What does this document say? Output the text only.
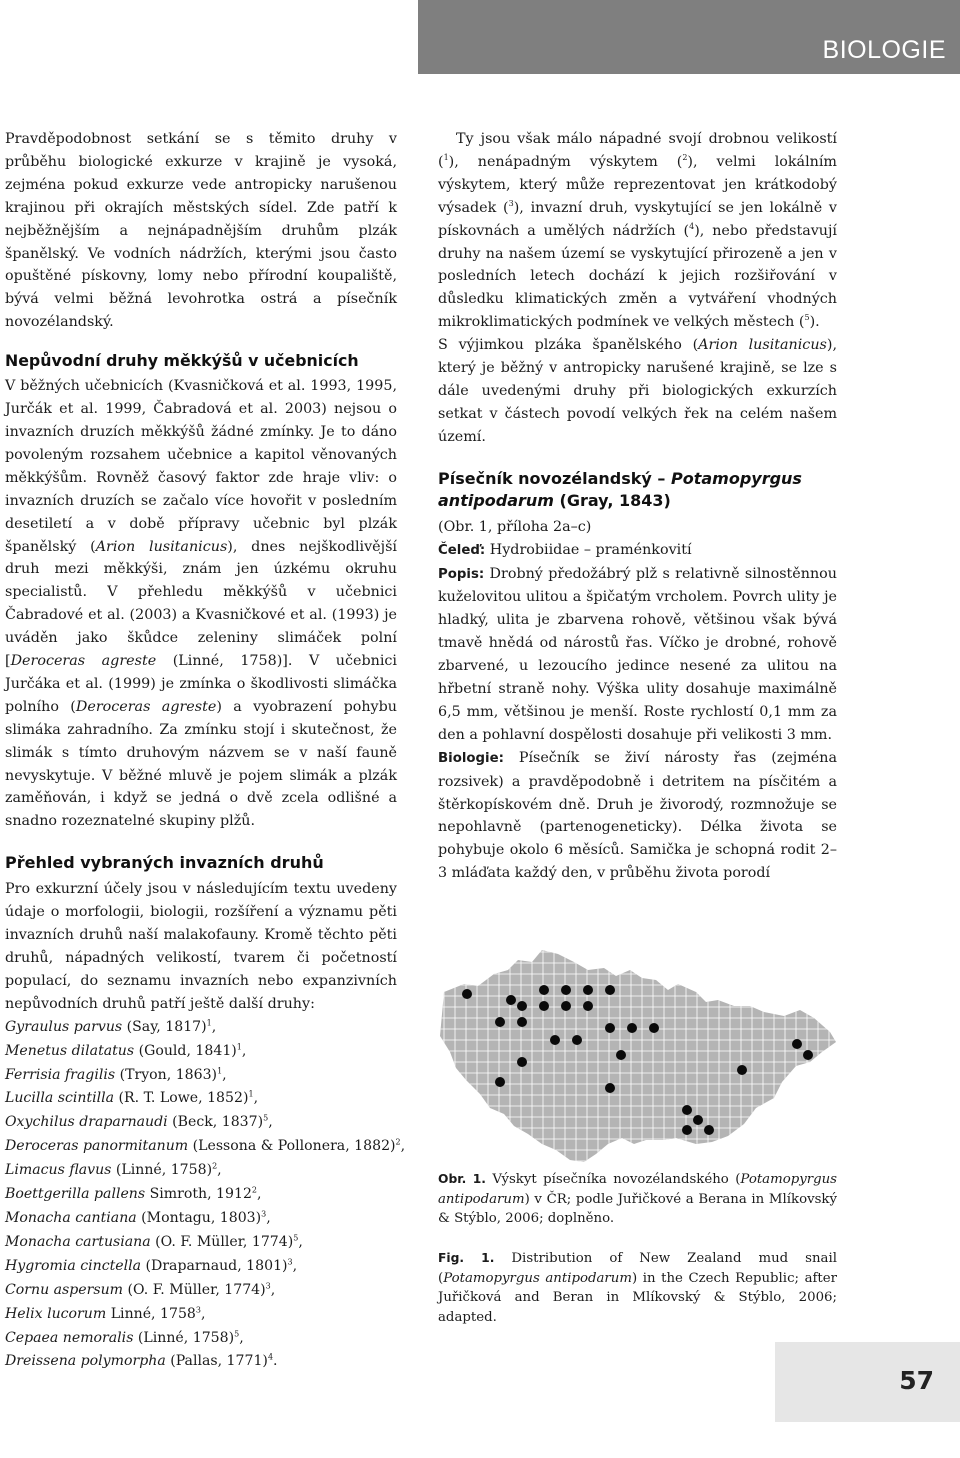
BIOLOGIE

Pravděpodobnost setkání se s těmito druhy v průběhu biologické exkurze v krajině je vysoká, zejména pokud exkurze vede antropicky narušenou krajinou při okrajích městských sídel. Zde patří k nejběžnějším a nejnápadnějším druhům plzák španělský. Ve vodních nádržích, kterými jsou často opuštěné pískovny, lomy nebo přírodní koupaliště, bývá velmi běžná levohrotka ostrá a písečník novozélandský.

Nepůvodní druhy měkkýšů v učebnicích

V běžných učebnicích (Kvasničková et al. 1993, 1995, Jurčák et al. 1999, Čabradová et al. 2003) nejsou o invazních druzích měkkýšů žádné zmínky. Je to dáno povoleným rozsahem učebnice a kapitol věnovaných měkkýšům. Rovněž časový faktor zde hraje vliv: o invazních druzích se začalo více hovořit v posledním desetiletí a v době přípravy učebnic byl plzák španělský (Arion lusitanicus), dnes nejškodlivější druh mezi měkkýši, znám jen úzkému okruhu specialistů. V přehledu měkkýšů v učebnici Čabradové et al. (2003) a Kvasničkové et al. (1993) je uváděn jako škůdce zeleniny slimáček polní [Deroceras agreste (Linné, 1758)]. V učebnici Jurčáka et al. (1999) je zmínka o škodlivosti slimáčka polního (Deroceras agreste) a vyobrazení pohybu slimáka zahradního. Za zmínku stojí i skutečnost, že slimák s tímto druhovým názvem se v naší fauně nevyskytuje. V běžné mluvě je pojem slimák a plzák zaměňován, i když se jedná o dvě zcela odlišné a snadno rozeznatelné skupiny plžů.

Přehled vybraných invazních druhů

Pro exkurzní účely jsou v následujícím textu uvedeny údaje o morfologii, biologii, rozšíření a významu pěti invazních druhů naší malakofauny. Kromě těchto pěti druhů, nápadných velikostí, tvarem či početností populací, do seznamu invazních nebo expanzivních nepůvodních druhů patří ještě další druhy:

Gyraulus parvus (Say, 1817)$^1$,
Menetus dilatatus (Gould, 1841)$^1$,
Ferrisia fragilis (Tryon, 1863)$^1$,
Lucilla scintilla (R. T. Lowe, 1852)$^1$,
Oxychilus draparnaudi (Beck, 1837)$^5$,
Deroceras panormitanum (Lessona & Pollonera, 1882)$^2$,
Limacus flavus (Linné, 1758)$^2$,
Boettgerilla pallens Simroth, 1912$^2$,
Monacha cantiana (Montagu, 1803)$^3$,
Monacha cartusiana (O. F. Müller, 1774)$^5$,
Hygromia cinctella (Draparnaud, 1801)$^3$,
Cornu aspersum (O. F. Müller, 1774)$^3$,
Helix lucorum Linné, 1758$^3$,
Cepaea nemoralis (Linné, 1758)$^5$,
Dreissena polymorpha (Pallas, 1771)$^4$.

Ty jsou však málo nápadné svojí drobnou velikostí ($^1$), nenápadným výskytem ($^2$), velmi lokálním výskytem, který může reprezentovat jen krátkodobý výsadek ($^3$), invazní druh, vyskytující se jen lokálně v pískovnách a umělých nádržích ($^4$), nebo představují druhy na našem území se vyskytující přirozeně a jen v posledních letech dochází k jejich rozšiřování v důsledku klimatických změn a vytváření vhodných mikroklimatických podmínek ve velkých městech ($^5$).

S výjimkou plzáka španělského (Arion lusitanicus), který je běžný v antropicky narušené krajině, se lze s dále uvedenými druhy při biologických exkurzích setkat v částech povodí velkých řek na celém našem území.

Písečník novozélandský – Potamopyrgus antipodarum (Gray, 1843)

(Obr. 1, příloha 2a–c)

Čeleď: Hydrobiidae – praménkovití

Popis: Drobný předožábrý plž s relativně silnostěnnou kuželovitou ulitou a špičatým vrcholem. Povrch ulity je hladký, ulita je zbarvena rohově, většinou však bývá tmavě hnědá od nárostů řas. Víčko je drobné, rohově zbarvené, u lezoucího jedince nesené za ulitou na hřbetní straně nohy. Výška ulity dosahuje maximálně 6,5 mm, většinou je menší. Roste rychlostí 0,1 mm za den a pohlavní dospělosti dosahuje při velikosti 3 mm.

Biologie: Písečník se živí nárosty řas (zejména rozsivek) a pravděpodobně i detritem na písčitém a štěrkopískovém dně. Druh je živorodý, rozmnožuje se nepohlavně (partenogeneticky). Délka života se pohybuje okolo 6 měsíců. Samička je schopná rodit 2–3 mláďata každý den, v průběhu života porodí

Obr. 1. Výskyt písečníka novozélandského (Potamopyrgus antipodarum) v ČR; podle Juřičkové a Berana in Mlíkovský & Stýblo, 2006; doplněno.
Fig. 1. Distribution of New Zealand mud snail (Potamopyrgus antipodarum) in the Czech Republic; after Juřičková and Beran in Mlíkovský & Stýblo, 2006; adapted.
57
